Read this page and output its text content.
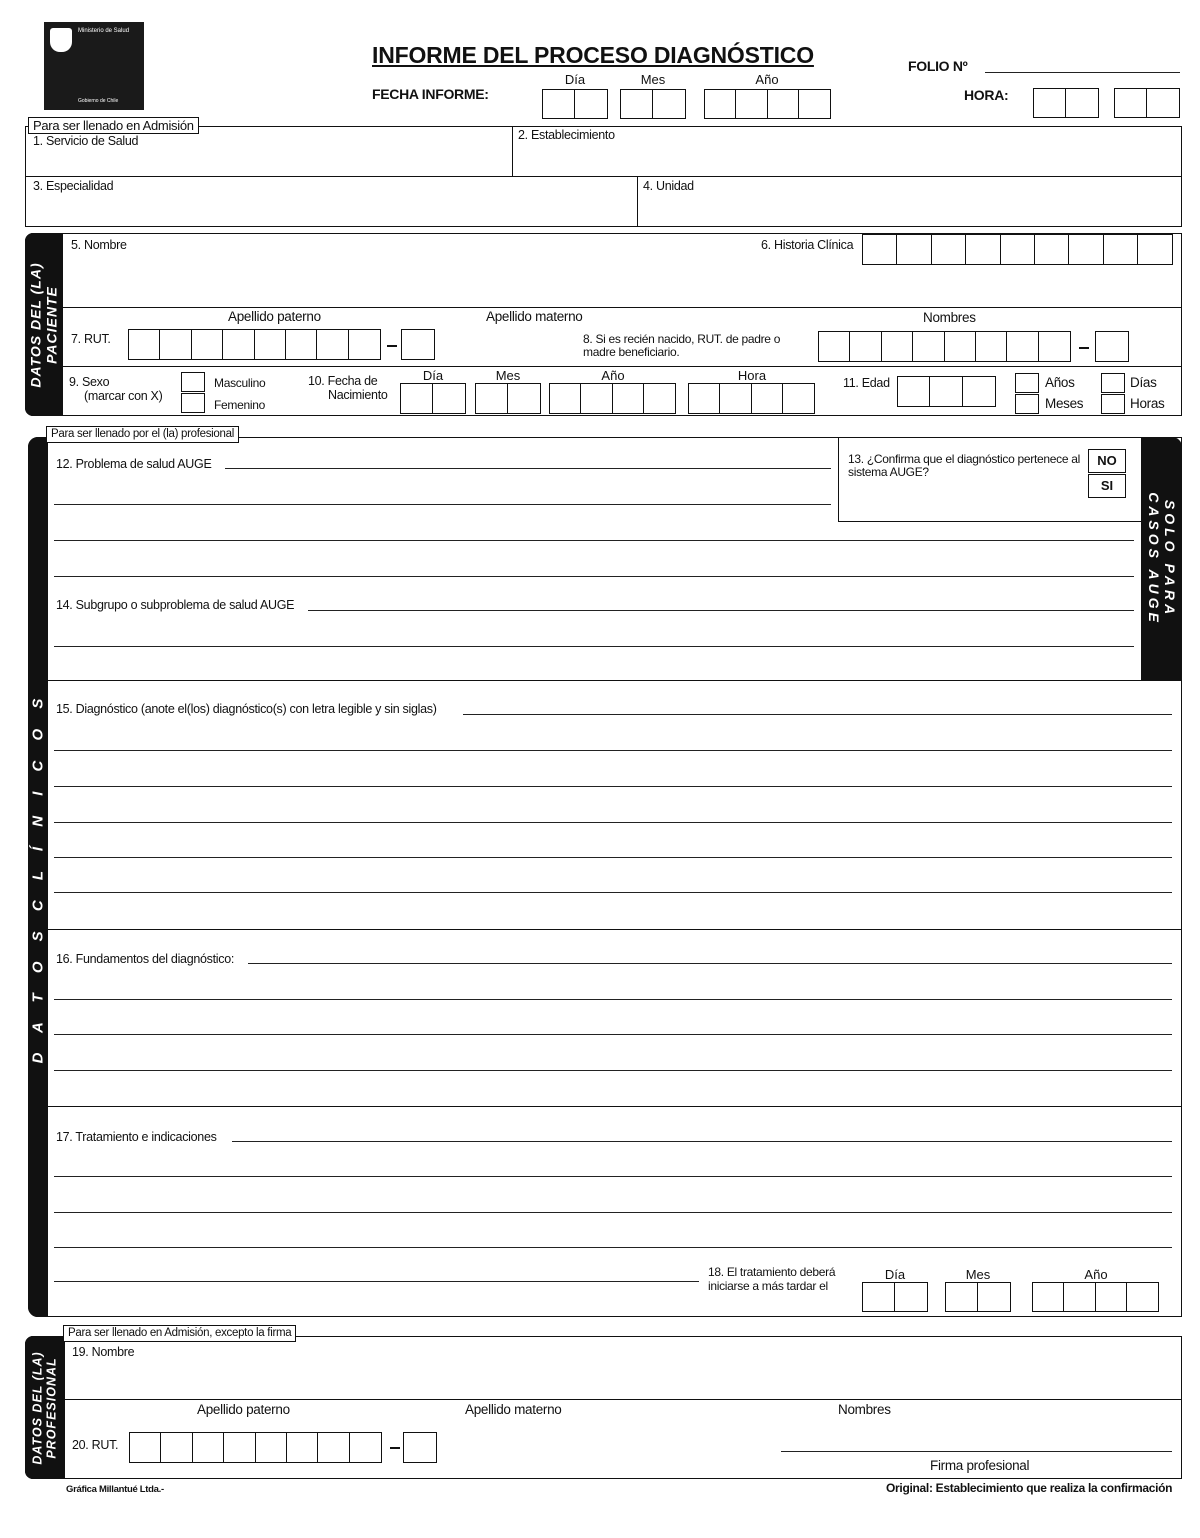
Ministerio de Salud
Gobierno de Chile
INFORME DEL PROCESO DIAGNÓSTICO	FOLIO Nº
FECHA INFORME:
Día	Mes	Año
HORA:
Para ser llenado en Admisión
1. Servicio de Salud	2. Establecimiento
3. Especialidad	4. Unidad
DATOS DEL (LA)
PACIENTE
5. Nombre	6. Historia Clínica
Apellido paterno	Apellido materno	Nombres
7. RUT.	8. Si es recién nacido, RUT. de padre o madre beneficiario.
9. Sexo
(marcar con X)
Masculino
Femenino
10. Fecha de
Nacimiento
Día	Mes	Año	Hora	11. Edad	Años
Meses
Días
Horas
D A T O S C L Í N I C O S
Para ser llenado por el (la) profesional
SOLO PARA
CASOS AUGE
12. Problema de salud AUGE	13. ¿Confirma que el diagnóstico pertenece al sistema AUGE?
NO
SI
14. Subgrupo o subproblema de salud AUGE
15. Diagnóstico (anote el(los) diagnóstico(s) con letra legible y sin siglas)
16. Fundamentos del diagnóstico:
17. Tratamiento e indicaciones
18. El tratamiento deberá iniciarse a más tardar el
Día	Mes	Año
DATOS DEL (LA)
PROFESIONAL
Para ser llenado en Admisión, excepto la firma
19. Nombre
Apellido paterno	Apellido materno	Nombres
20. RUT.
Firma profesional
Gráfica Millantué Ltda.-	Original: Establecimiento que realiza la confirmación
